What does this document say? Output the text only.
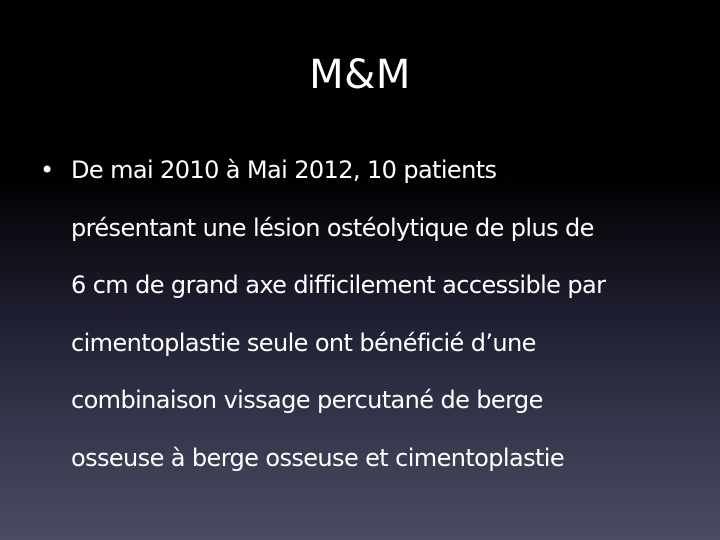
M&M
• De mai 2010 à Mai 2012, 10 patients
présentant une lésion ostéolytique de plus de
6 cm de grand axe difficilement accessible par
cimentoplastie seule ont bénéficié d’une
combinaison vissage percutané de berge
osseuse à berge osseuse et cimentoplastie
